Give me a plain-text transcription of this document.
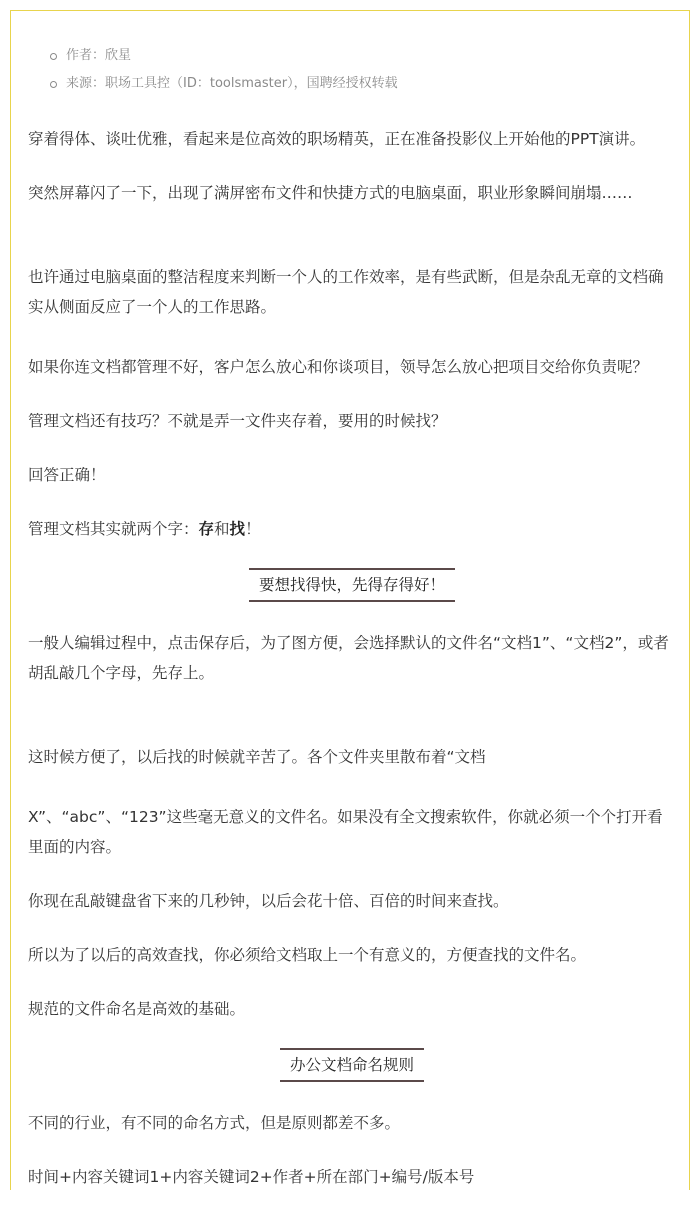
作者：欣星
来源：职场工具控（ID：toolsmaster），国聘经授权转载

穿着得体、谈吐优雅，看起来是位高效的职场精英，正在准备投影仪上开始他的PPT演讲。

突然屏幕闪了一下，出现了满屏密布文件和快捷方式的电脑桌面，职业形象瞬间崩塌……

也许通过电脑桌面的整洁程度来判断一个人的工作效率，是有些武断，但是杂乱无章的文档确实从侧面反应了一个人的工作思路。

如果你连文档都管理不好，客户怎么放心和你谈项目，领导怎么放心把项目交给你负责呢？

管理文档还有技巧？不就是弄一文件夹存着，要用的时候找？

回答正确！

管理文档其实就两个字：存和找！

要想找得快，先得存得好！

一般人编辑过程中，点击保存后，为了图方便，会选择默认的文件名“文档1”、“文档2”，或者胡乱敲几个字母，先存上。

这时候方便了，以后找的时候就辛苦了。各个文件夹里散布着“文档

X”、“abc”、“123”这些毫无意义的文件名。如果没有全文搜索软件，你就必须一个个打开看里面的内容。

你现在乱敲键盘省下来的几秒钟，以后会花十倍、百倍的时间来查找。

所以为了以后的高效查找，你必须给文档取上一个有意义的，方便查找的文件名。

规范的文件命名是高效的基础。

办公文档命名规则

不同的行业，有不同的命名方式，但是原则都差不多。

时间+内容关键词1+内容关键词2+作者+所在部门+编号/版本号
